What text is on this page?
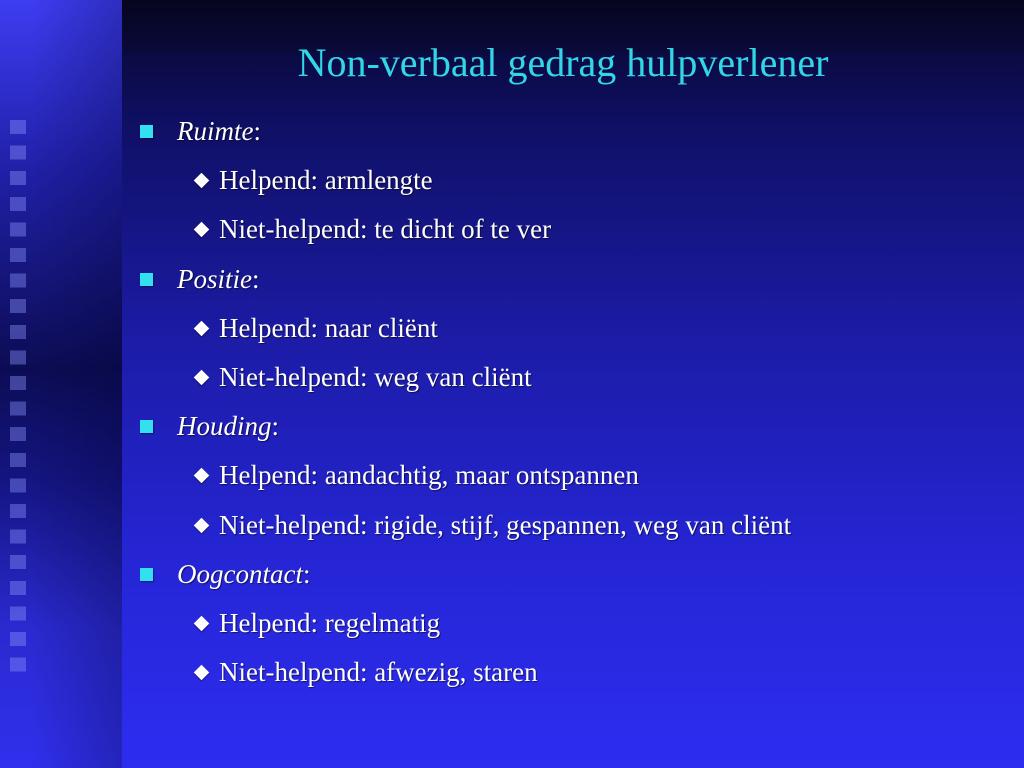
Non-verbaal gedrag hulpverlener
Ruimte :
Helpend: armlengte
Niet-helpend: te dicht of te ver
Positie :
Helpend: naar cliënt
Niet-helpend: weg van cliënt
Houding :
Helpend: aandachtig, maar ontspannen
Niet-helpend: rigide, stijf, gespannen, weg van cliënt
Oogcontact :
Helpend: regelmatig
Niet-helpend: afwezig, staren
